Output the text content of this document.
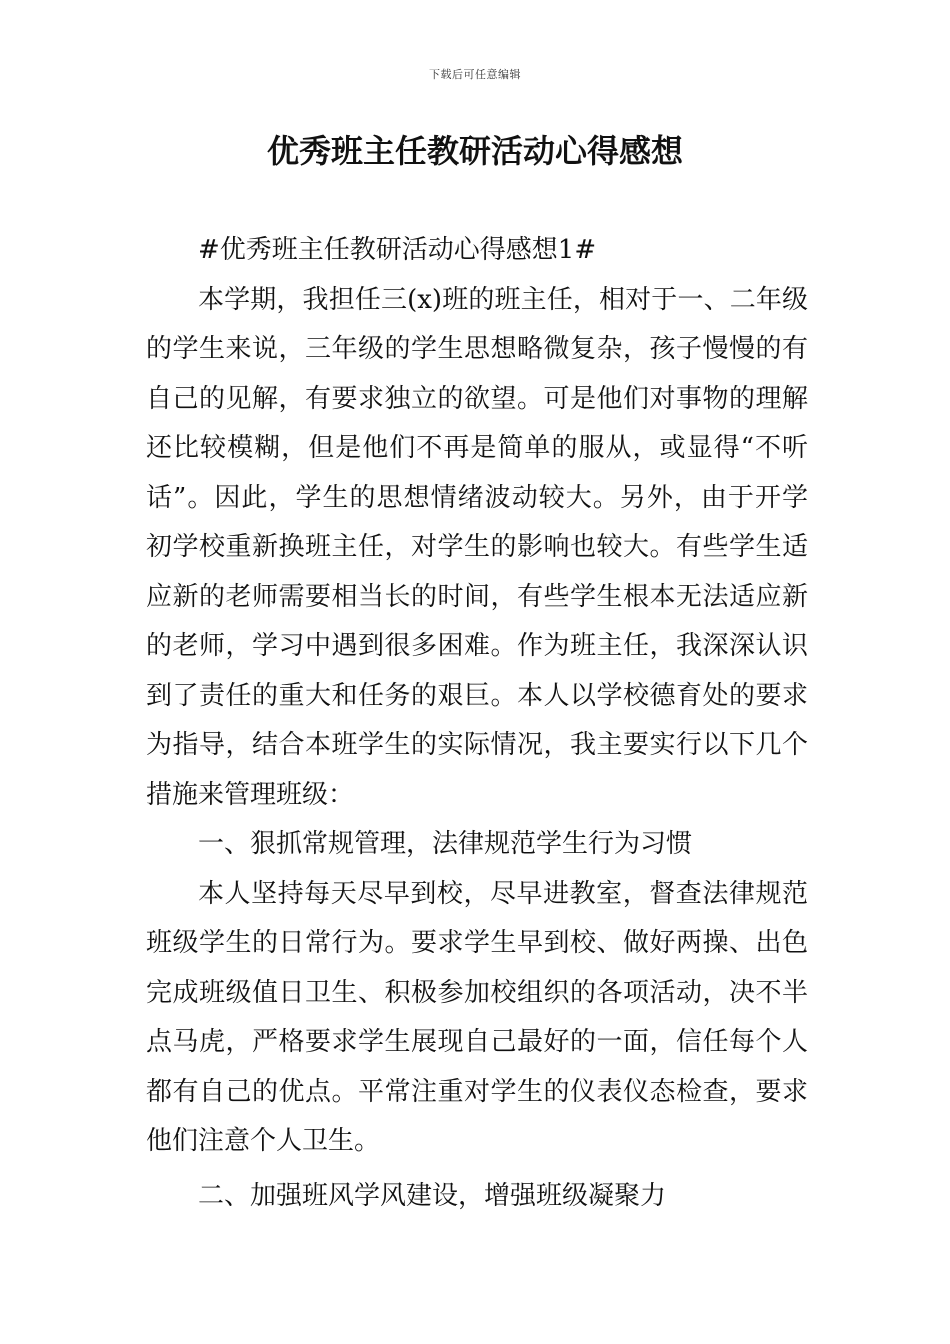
下载后可任意编辑
优秀班主任教研活动心得感想

#优秀班主任教研活动心得感想1#

本学期，我担任三(x)班的班主任，相对于一、二年级的学生来说，三年级的学生思想略微复杂，孩子慢慢的有自己的见解，有要求独立的欲望。可是他们对事物的理解还比较模糊，但是他们不再是简单的服从，或显得“不听话”。因此，学生的思想情绪波动较大。另外，由于开学初学校重新换班主任，对学生的影响也较大。有些学生适应新的老师需要相当长的时间，有些学生根本无法适应新的老师，学习中遇到很多困难。作为班主任，我深深认识到了责任的重大和任务的艰巨。本人以学校德育处的要求为指导，结合本班学生的实际情况，我主要实行以下几个措施来管理班级：

一、狠抓常规管理，法律规范学生行为习惯

本人坚持每天尽早到校，尽早进教室，督查法律规范班级学生的日常行为。要求学生早到校、做好两操、出色完成班级值日卫生、积极参加校组织的各项活动，决不半点马虎，严格要求学生展现自己最好的一面，信任每个人都有自己的优点。平常注重对学生的仪表仪态检查，要求他们注意个人卫生。

二、加强班风学风建设，增强班级凝聚力
